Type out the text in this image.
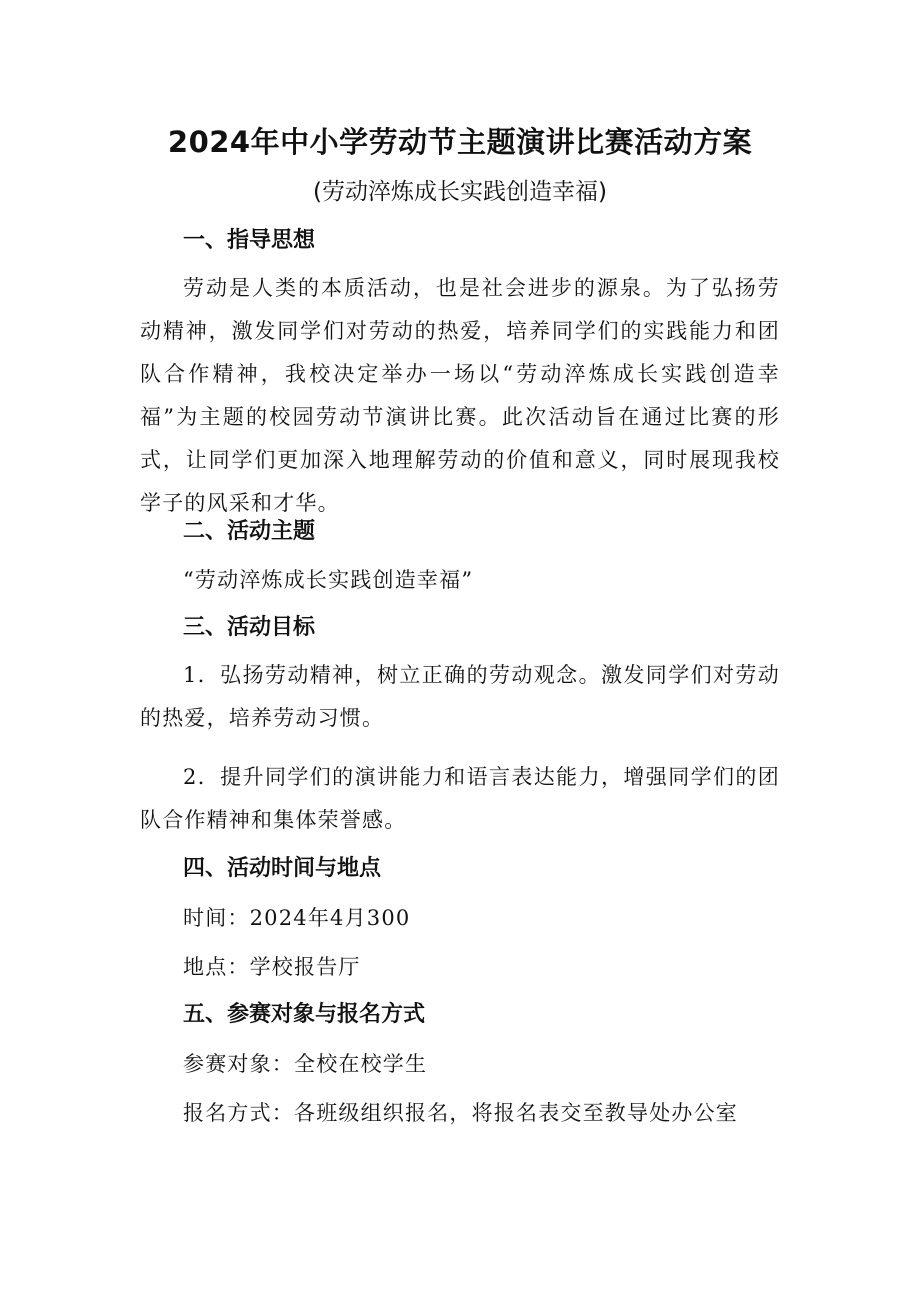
2024年中小学劳动节主题演讲比赛活动方案
(劳动淬炼成长实践创造幸福)
一、指导思想
劳动是人类的本质活动，也是社会进步的源泉。为了弘扬劳动精神，激发同学们对劳动的热爱，培养同学们的实践能力和团队合作精神，我校决定举办一场以“劳动淬炼成长实践创造幸福”为主题的校园劳动节演讲比赛。此次活动旨在通过比赛的形式，让同学们更加深入地理解劳动的价值和意义，同时展现我校学子的风采和才华。
二、活动主题
“劳动淬炼成长实践创造幸福”
三、活动目标
1．弘扬劳动精神，树立正确的劳动观念。激发同学们对劳动的热爱，培养劳动习惯。
2．提升同学们的演讲能力和语言表达能力，增强同学们的团队合作精神和集体荣誉感。
四、活动时间与地点
时间：2024年4月300
地点：学校报告厅
五、参赛对象与报名方式
参赛对象：全校在校学生
报名方式：各班级组织报名，将报名表交至教导处办公室
